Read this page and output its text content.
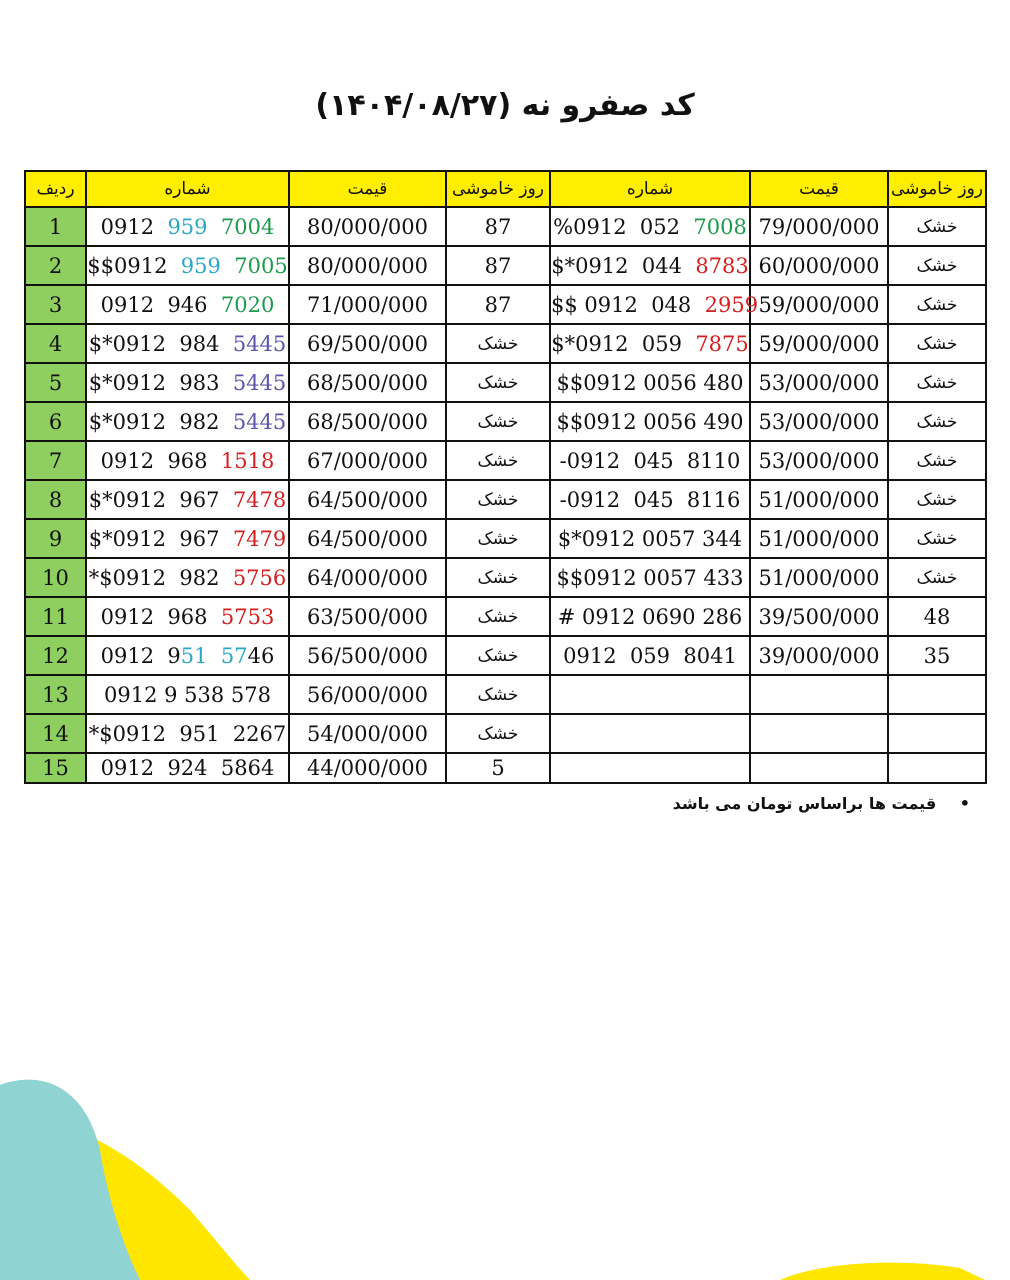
کد صفرو نه (۱۴۰۴/۰۸/۲۷)
ردیف	شماره	قیمت	روز خاموشی	شماره	قیمت	روز خاموشی
1	0912  959 7004	80/000/000	87	%0912  052  7008	79/000/000	خشک
2	$$0912  959 7005	80/000/000	87	$*0912  044  8783	60/000/000	خشک
3	0912  946  7020	71/000/000	87	$$ 0912  048  2959	59/000/000	خشک
4	$*0912  984  5445	69/500/000	خشک	$*0912  059  7875	59/000/000	خشک
5	$*0912  983  5445	68/500/000	خشک	$$0912 0056 480	53/000/000	خشک
6	$*0912  982  5445	68/500/000	خشک	$$0912 0056 490	53/000/000	خشک
7	0912  968  1518	67/000/000	خشک	-0912  045  8110	53/000/000	خشک
8	$*0912  967  7478	64/500/000	خشک	-0912  045  8116	51/000/000	خشک
9	$*0912  967  7479	64/500/000	خشک	$*0912 0057 344	51/000/000	خشک
10	*$0912  982  5756	64/000/000	خشک	$$0912 0057 433	51/000/000	خشک
11	0912  968  5753	63/500/000	خشک	# 0912 0690 286	39/500/000	48
12	0912  951 5746	56/500/000	خشک	0912  059  8041	39/000/000	35
13	0912 9 538 578	56/000/000	خشک			
14	*$0912  951  2267	54/000/000	خشک			
15	0912  924  5864	44/000/000	5			
• قیمت ها براساس تومان می باشد
